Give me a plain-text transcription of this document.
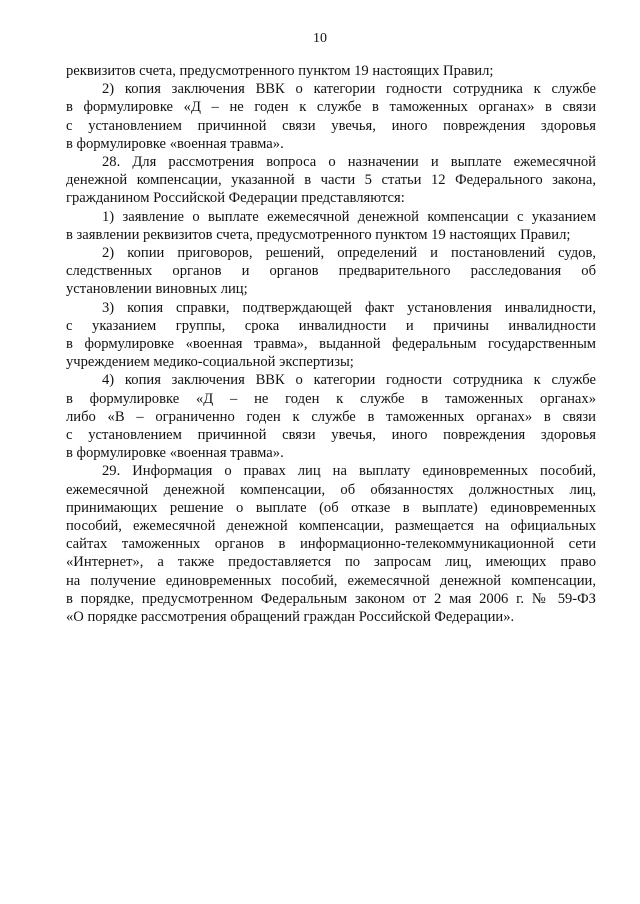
10

реквизитов счета, предусмотренного пунктом 19 настоящих Правил;

2) копия заключения ВВК о категории годности сотрудника к службе
в формулировке «Д – не годен к службе в таможенных органах» в связи
с установлением причинной связи увечья, иного повреждения здоровья
в формулировке «военная травма».

28. Для рассмотрения вопроса о назначении и выплате ежемесячной
денежной компенсации, указанной в части 5 статьи 12 Федерального закона,
гражданином Российской Федерации представляются:

1) заявление о выплате ежемесячной денежной компенсации с указанием
в заявлении реквизитов счета, предусмотренного пунктом 19 настоящих Правил;

2) копии приговоров, решений, определений и постановлений судов,
следственных органов и органов предварительного расследования об
установлении виновных лиц;

3) копия справки, подтверждающей факт установления инвалидности,
с указанием группы, срока инвалидности и причины инвалидности
в формулировке «военная травма», выданной федеральным государственным
учреждением медико-социальной экспертизы;

4) копия заключения ВВК о категории годности сотрудника к службе
в формулировке «Д – не годен к службе в таможенных органах»
либо «В – ограниченно годен к службе в таможенных органах» в связи
с установлением причинной связи увечья, иного повреждения здоровья
в формулировке «военная травма».

29. Информация о правах лиц на выплату единовременных пособий,
ежемесячной денежной компенсации, об обязанностях должностных лиц,
принимающих решение о выплате (об отказе в выплате) единовременных
пособий, ежемесячной денежной компенсации, размещается на официальных
сайтах таможенных органов в информационно-телекоммуникационной сети
«Интернет», а также предоставляется по запросам лиц, имеющих право
на получение единовременных пособий, ежемесячной денежной компенсации,
в порядке, предусмотренном Федеральным законом от 2 мая 2006 г. № 59-ФЗ
«О порядке рассмотрения обращений граждан Российской Федерации».
